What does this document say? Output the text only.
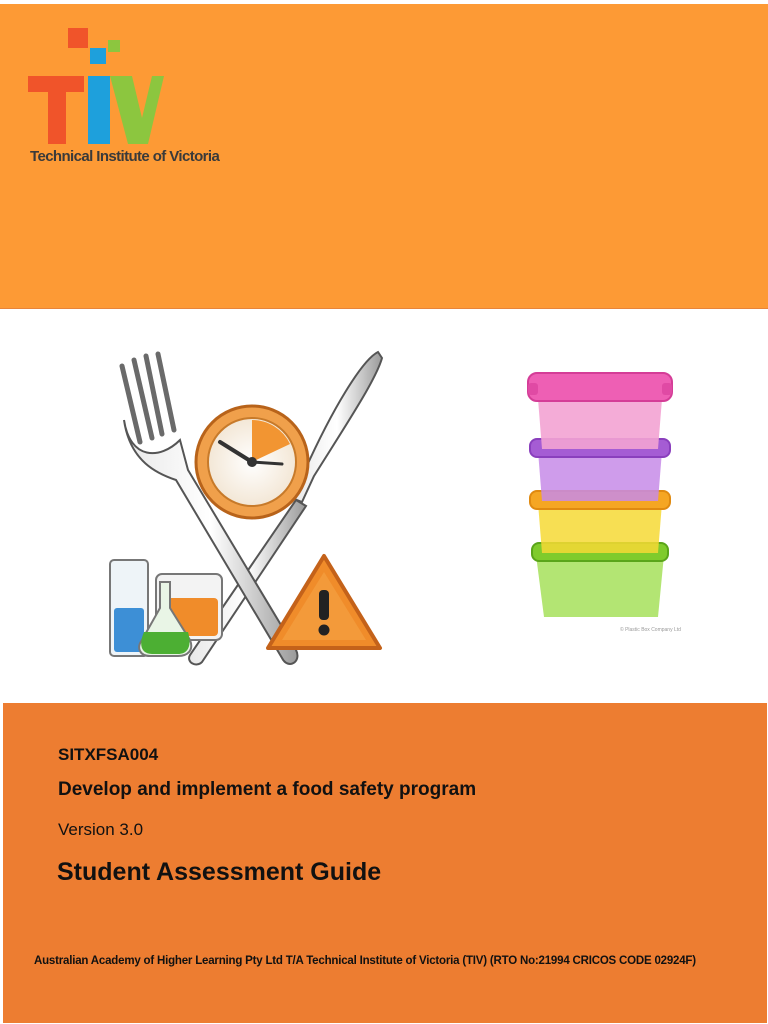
Technical Institute of Victoria
© Plastic Box Company Ltd
SITXFSA004
Develop and implement a food safety program
Version 3.0
Student Assessment Guide
Australian Academy of Higher Learning Pty Ltd T/A Technical Institute of Victoria (TIV) (RTO No:21994 CRICOS CODE 02924F)
